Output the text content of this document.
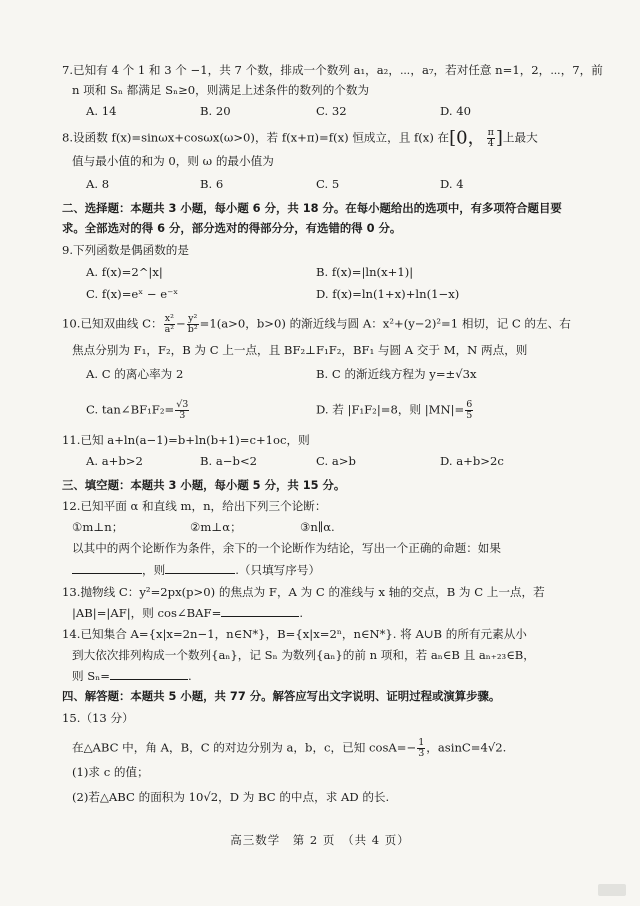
7.已知有 4 个 1 和 3 个 −1，共 7 个数，排成一个数列 a₁，a₂，⋯，a₇，若对任意 n=1，2，⋯，7，前
n 项和 Sₙ 都满足 Sₙ≥0，则满足上述条件的数列的个数为
A. 14	B. 20	C. 32	D. 40
8.设函数 f(x)=sinωx+cosωx(ω>0)，若 f(x+π)=f(x) 恒成立，且 f(x) 在[0， $\frac{\pi}{4}$ ]上最大
值与最小值的和为 0，则 ω 的最小值为
A. 8	B. 6	C. 5	D. 4
二、选择题：本题共 3 小题，每小题 6 分，共 18 分。在每小题给出的选项中，有多项符合题目要
求。全部选对的得 6 分，部分选对的得部分分，有选错的得 0 分。
9.下列函数是偶函数的是
A. f(x)=2^|x|	B. f(x)=|ln(x+1)|
C. f(x)=eˣ − e⁻ˣ	D. f(x)=ln(1+x)+ln(1−x)
10.已知双曲线 C： $\frac{\text{x²}}{\text{a²}} - \frac{\text{y²}}{\text{b²}} =1(a>0$，b>0) 的渐近线与圆 A：x²+(y−2)²=1 相切，记 C 的左、右
焦点分别为 F₁，F₂，B 为 C 上一点，且 BF₂⊥F₁F₂，BF₁ 与圆 A 交于 M，N 两点，则
A. C 的离心率为 2	B. C 的渐近线方程为 y=±√3x
C. tan∠BF₁F₂= $\frac{√3}{3}$	D. 若 |F₁F₂|=8，则 $|MN|= \frac{6}{5}$
11.已知 a+ln(a−1)=b+ln(b+1)=c+1oc，则
A. a+b>2	B. a−b<2	C. a>b	D. a+b>2c
三、填空题：本题共 3 小题，每小题 5 分，共 15 分。
12.已知平面 α 和直线 m，n，给出下列三个论断：
①m⊥n；	②m⊥α；	③n∥α.
以其中的两个论断作为条件，余下的一个论断作为结论，写出一个正确的命题：如果
，则	.（只填写序号）
13.抛物线 C：y²=2px(p>0) 的焦点为 F，A 为 C 的准线与 x 轴的交点，B 为 C 上一点，若
|AB|=|AF|，则 cos∠BAF=	.
14.已知集合 A={x|x=2n−1，n∈N*}，B={x|x=2ⁿ，n∈N*}. 将 A∪B 的所有元素从小
到大依次排列构成一个数列{aₙ}，记 Sₙ 为数列{aₙ}的前 n 项和，若 aₙ∈B 且 aₙ₊₂₃∈B，
则 Sₙ=	.
四、解答题：本题共 5 小题，共 77 分。解答应写出文字说明、证明过程或演算步骤。
15.（13 分）
在△ABC 中，角 A，B，C 的对边分别为 a，b，c，已知 $\cos A=- \frac{1}{3}$ ，asinC=4√2.
(1)求 c 的值；
(2)若△ABC 的面积为 10√2，D 为 BC 的中点，求 AD 的长.
高三数学　第 2 页　（共 4 页）
